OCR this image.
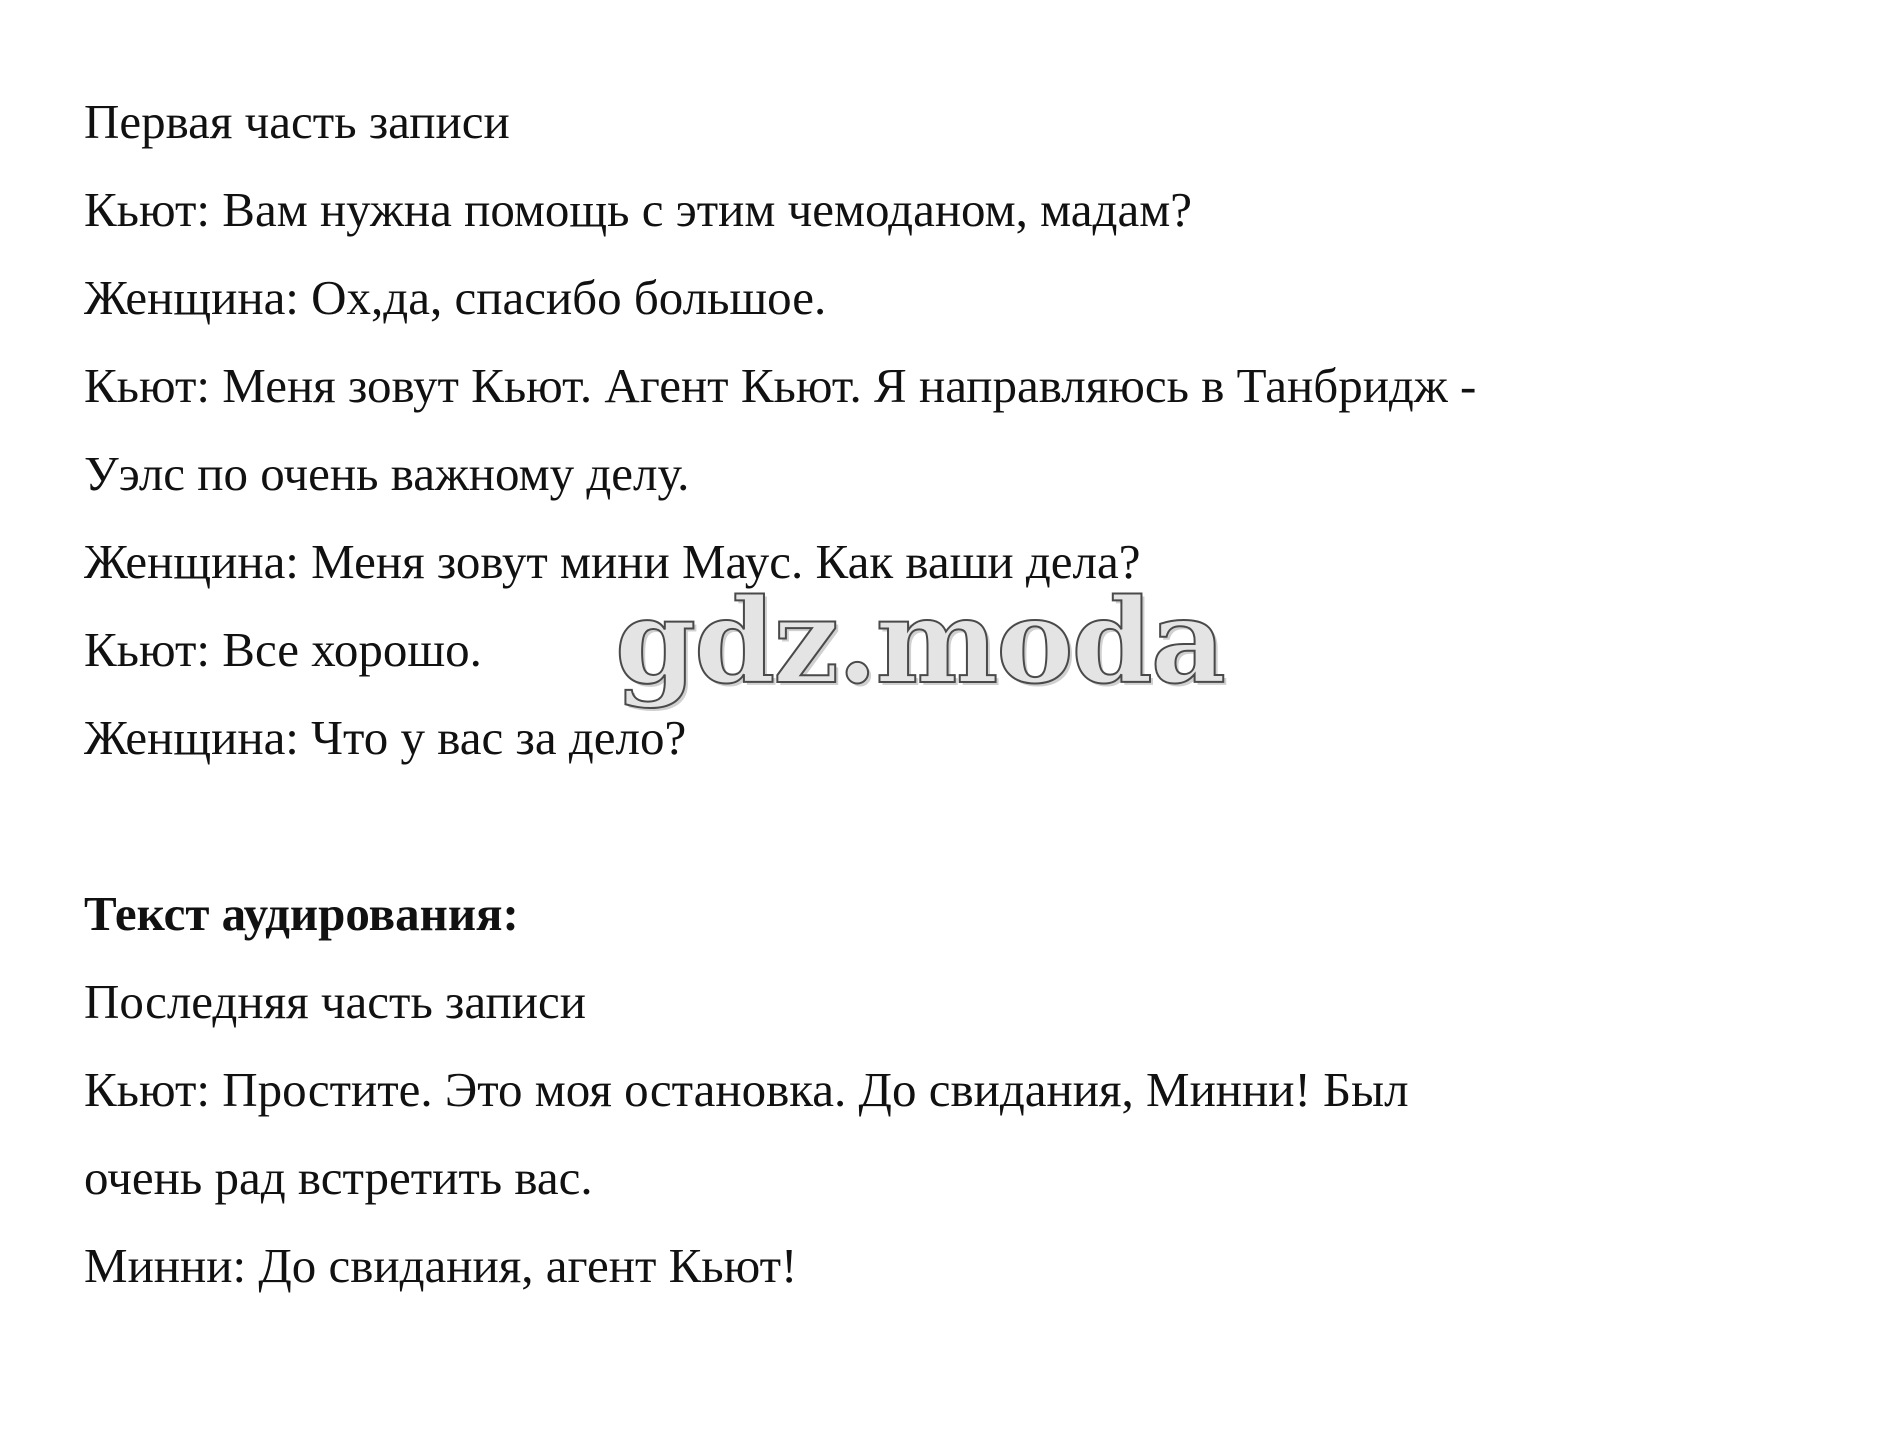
Первая часть записи

Кьют: Вам нужна помощь с этим чемоданом, мадам?

Женщина: Ох,да, спасибо большое.

Кьют: Меня зовут Кьют. Агент Кьют. Я направляюсь в Танбридж -

Уэлс по очень важному делу.

Женщина: Меня зовут мини Маус. Как ваши дела?

Кьют: Все хорошо.

Женщина: Что у вас за дело?

Текст аудирования:

Последняя часть записи

Кьют: Простите. Это моя остановка. До свидания, Минни! Был

очень рад встретить вас.

Минни: До свидания, агент Кьют!

gdz.moda
